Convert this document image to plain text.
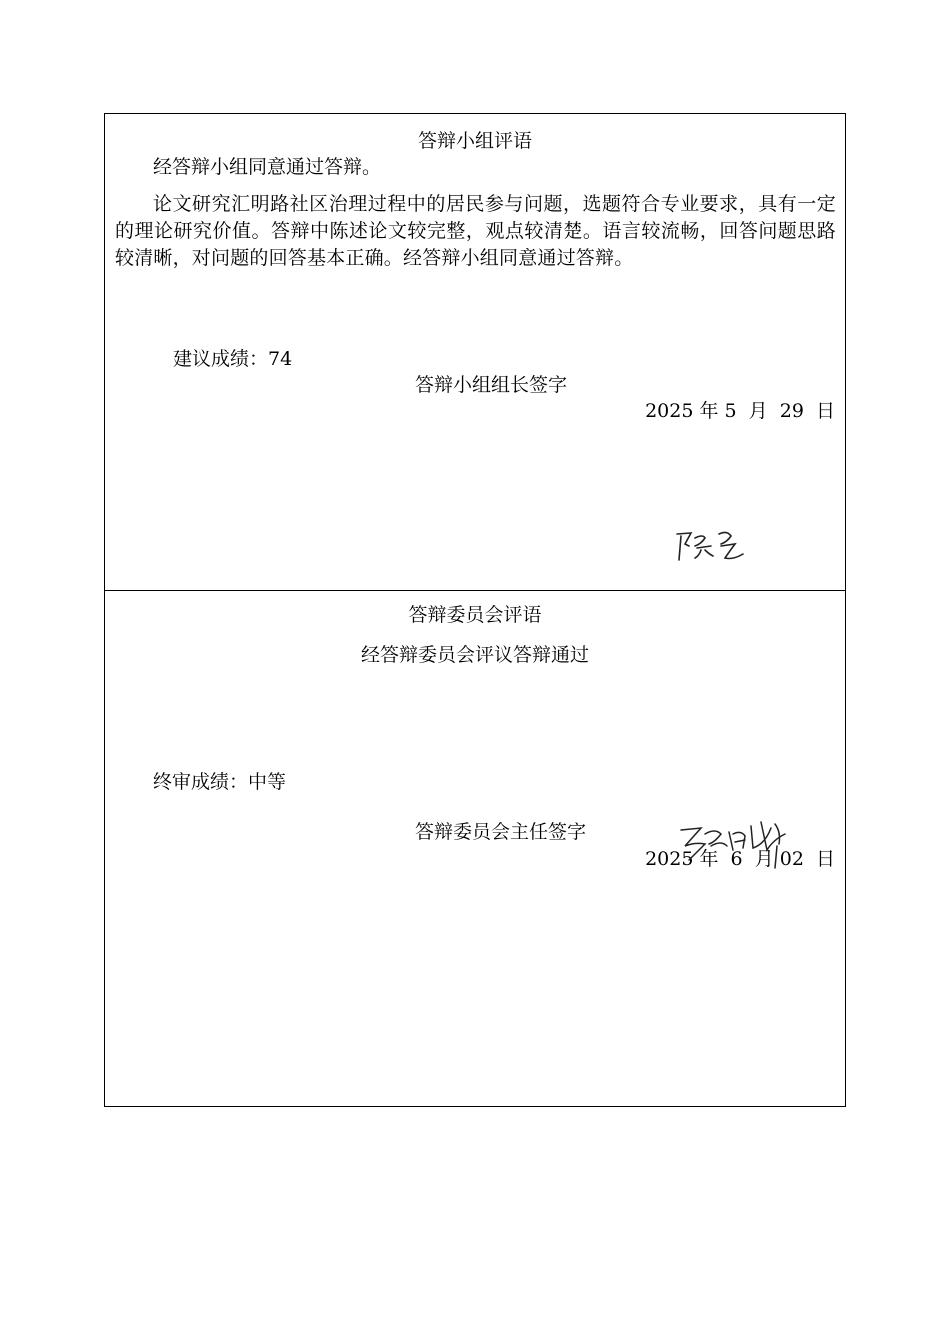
答辩小组评语
经答辩小组同意通过答辩。
论文研究汇明路社区治理过程中的居民参与问题，选题符合专业要求，具有一定的理论研究价值。答辩中陈述论文较完整，观点较清楚。语言较流畅，回答问题思路较清晰，对问题的回答基本正确。经答辩小组同意通过答辩。
建议成绩：74
答辩小组组长签字
2025 年 5  月  29  日
答辩委员会评语
经答辩委员会评议答辩通过
终审成绩：中等
答辩委员会主任签字
2025 年  6  月 02  日
